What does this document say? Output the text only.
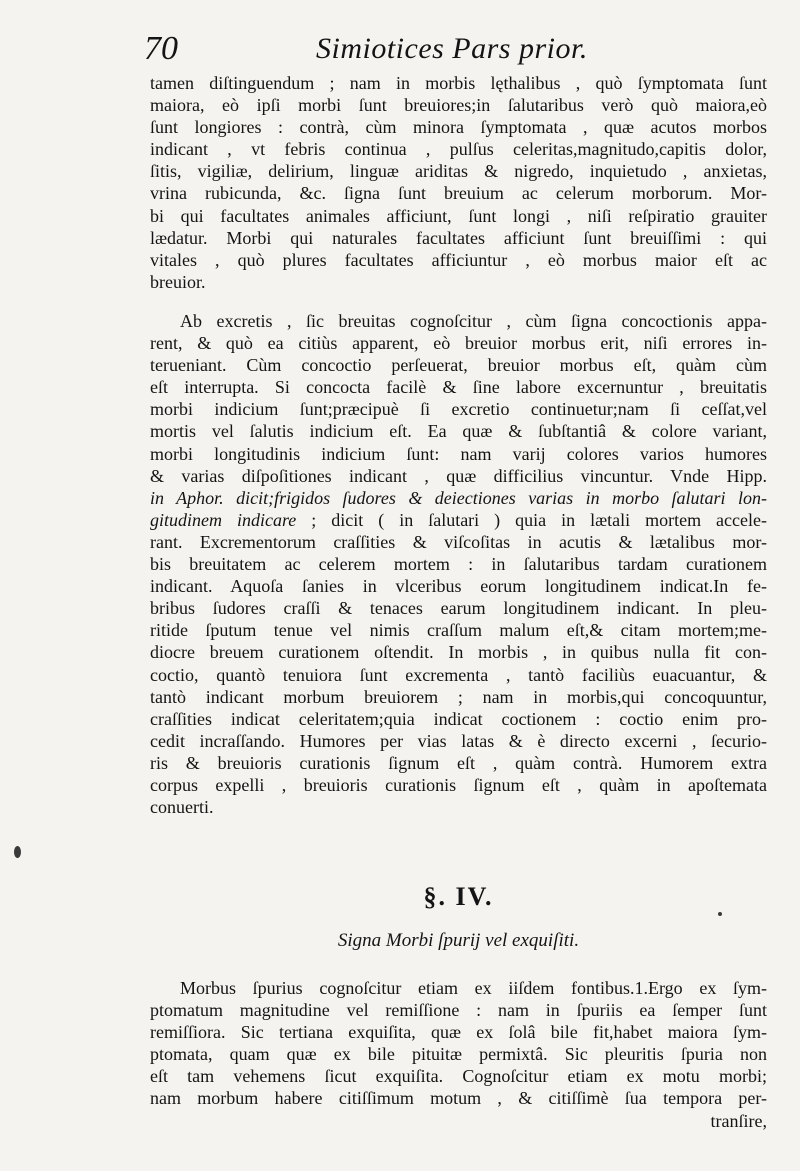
70	Simiotices Pars prior.
tamen diſtinguendum ; nam in morbis lęthalibus , quò ſymptomata ſunt
maiora, eò ipſi morbi ſunt breuiores;in ſalutaribus verò quò maiora,eò
ſunt longiores : contrà, cùm minora ſymptomata , quæ acutos morbos
indicant , vt febris continua , pulſus celeritas,magnitudo,capitis dolor,
ſitis, vigiliæ, delirium, linguæ ariditas & nigredo, inquietudo , anxietas,
vrina rubicunda, &c. ſigna ſunt breuium ac celerum morborum. Mor-
bi qui facultates animales afficiunt, ſunt longi , niſi reſpiratio grauiter
lædatur. Morbi qui naturales facultates afficiunt ſunt breuiſſimi : qui
vitales , quò plures facultates afficiuntur , eò morbus maior eſt ac
breuior.
Ab excretis , ſic breuitas cognoſcitur , cùm ſigna concoctionis appa-
rent, & quò ea citiùs apparent, eò breuior morbus erit, niſi errores in-
terueniant. Cùm concoctio perſeuerat, breuior morbus eſt, quàm cùm
eſt interrupta. Si concocta facilè & ſine labore excernuntur , breuitatis
morbi indicium ſunt;præcipuè ſi excretio continuetur;nam ſi ceſſat,vel
mortis vel ſalutis indicium eſt. Ea quæ & ſubſtantiâ & colore variant,
morbi longitudinis indicium ſunt: nam varij colores varios humores
& varias diſpoſitiones indicant , quæ difficilius vincuntur. Vnde Hipp.
in Aphor. dicit;frigidos ſudores & deiectiones varias in morbo ſalutari lon-
gitudinem indicare ; dicit ( in ſalutari ) quia in lætali mortem accele-
rant. Excrementorum craſſities & viſcoſitas in acutis & lætalibus mor-
bis breuitatem ac celerem mortem : in ſalutaribus tardam curationem
indicant. Aquoſa ſanies in vlceribus eorum longitudinem indicat.In fe-
bribus ſudores craſſi & tenaces earum longitudinem indicant. In pleu-
ritide ſputum tenue vel nimis craſſum malum eſt,& citam mortem;me-
diocre breuem curationem oſtendit. In morbis , in quibus nulla fit con-
coctio, quantò tenuiora ſunt excrementa , tantò faciliùs euacuantur, &
tantò indicant morbum breuiorem ; nam in morbis,qui concoquuntur,
craſſities indicat celeritatem;quia indicat coctionem : coctio enim pro-
cedit incraſſando. Humores per vias latas & è directo excerni , ſecurio-
ris & breuioris curationis ſignum eſt , quàm contrà. Humorem extra
corpus expelli , breuioris curationis ſignum eſt , quàm in apoſtemata
conuerti.
§. IV.
Signa Morbi ſpurij vel exquiſiti.
Morbus ſpurius cognoſcitur etiam ex iiſdem fontibus.1.Ergo ex ſym-
ptomatum magnitudine vel remiſſione : nam in ſpuriis ea ſemper ſunt
remiſſiora. Sic tertiana exquiſita, quæ ex ſolâ bile fit,habet maiora ſym-
ptomata, quam quæ ex bile pituitæ permixtâ. Sic pleuritis ſpuria non
eſt tam vehemens ſicut exquiſita. Cognoſcitur etiam ex motu morbi;
nam morbum habere citiſſimum motum , & citiſſimè ſua tempora per-
tranſire,
